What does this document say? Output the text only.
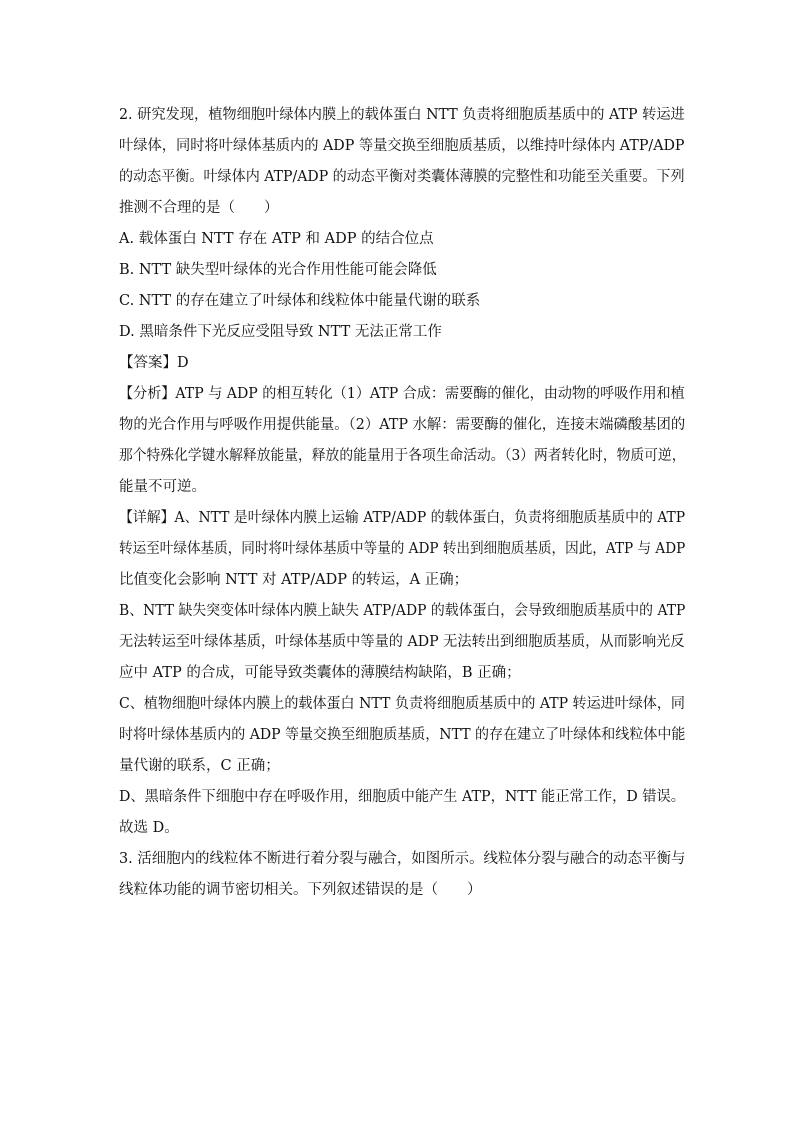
2. 研究发现，植物细胞叶绿体内膜上的载体蛋白 NTT 负责将细胞质基质中的 ATP 转运进
叶绿体，同时将叶绿体基质内的 ADP 等量交换至细胞质基质，以维持叶绿体内 ATP/ADP
的动态平衡。叶绿体内 ATP/ADP 的动态平衡对类囊体薄膜的完整性和功能至关重要。下列
推测不合理的是（　　）
A. 载体蛋白 NTT 存在 ATP 和 ADP 的结合位点
B. NTT 缺失型叶绿体的光合作用性能可能会降低
C. NTT 的存在建立了叶绿体和线粒体中能量代谢的联系
D. 黑暗条件下光反应受阻导致 NTT 无法正常工作
【答案】D
【分析】ATP 与 ADP 的相互转化（1）ATP 合成：需要酶的催化，由动物的呼吸作用和植
物的光合作用与呼吸作用提供能量。（2）ATP 水解：需要酶的催化，连接末端磷酸基团的
那个特殊化学键水解释放能量，释放的能量用于各项生命活动。（3）两者转化时，物质可逆，
能量不可逆。
【详解】A、NTT 是叶绿体内膜上运输 ATP/ADP 的载体蛋白，负责将细胞质基质中的 ATP
转运至叶绿体基质，同时将叶绿体基质中等量的 ADP 转出到细胞质基质，因此，ATP 与 ADP
比值变化会影响 NTT 对 ATP/ADP 的转运，A 正确；
B、NTT 缺失突变体叶绿体内膜上缺失 ATP/ADP 的载体蛋白，会导致细胞质基质中的 ATP
无法转运至叶绿体基质，叶绿体基质中等量的 ADP 无法转出到细胞质基质，从而影响光反
应中 ATP 的合成，可能导致类囊体的薄膜结构缺陷，B 正确；
C、植物细胞叶绿体内膜上的载体蛋白 NTT 负责将细胞质基质中的 ATP 转运进叶绿体，同
时将叶绿体基质内的 ADP 等量交换至细胞质基质，NTT 的存在建立了叶绿体和线粒体中能
量代谢的联系，C 正确；
D、黑暗条件下细胞中存在呼吸作用，细胞质中能产生 ATP，NTT 能正常工作，D 错误。
故选 D。
3. 活细胞内的线粒体不断进行着分裂与融合，如图所示。线粒体分裂与融合的动态平衡与
线粒体功能的调节密切相关。下列叙述错误的是（　　）
